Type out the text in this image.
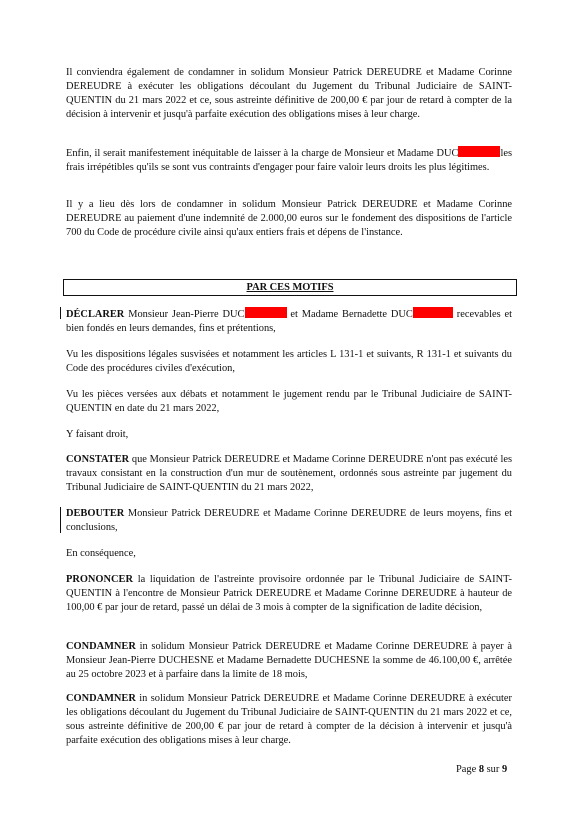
Il conviendra également de condamner in solidum Monsieur Patrick DEREUDRE et Madame Corinne DEREUDRE à exécuter les obligations découlant du Jugement du Tribunal Judiciaire de SAINT-QUENTIN du 21 mars 2022 et ce, sous astreinte définitive de 200,00 € par jour de retard à compter de la décision à intervenir et jusqu'à parfaite exécution des obligations mises à leur charge.

Enfin, il serait manifestement inéquitable de laisser à la charge de Monsieur et Madame DUC	les frais irrépétibles qu'ils se sont vus contraints d'engager pour faire valoir leurs droits les plus légitimes.

Il y a lieu dès lors de condamner in solidum Monsieur Patrick DEREUDRE et Madame Corinne DEREUDRE au paiement d'une indemnité de 2.000,00 euros sur le fondement des dispositions de l'article 700 du Code de procédure civile ainsi qu'aux entiers frais et dépens de l'instance.

PAR CES MOTIFS

DÉCLARER Monsieur Jean-Pierre DUC	et Madame Bernadette DUC	recevables et bien fondés en leurs demandes, fins et prétentions,

Vu les dispositions légales susvisées et notamment les articles L 131-1 et suivants, R 131-1 et suivants du Code des procédures civiles d'exécution,

Vu les pièces versées aux débats et notamment le jugement rendu par le Tribunal Judiciaire de SAINT-QUENTIN en date du 21 mars 2022,

Y faisant droit,

CONSTATER que Monsieur Patrick DEREUDRE et Madame Corinne DEREUDRE n'ont pas exécuté les travaux consistant en la construction d'un mur de soutènement, ordonnés sous astreinte par jugement du Tribunal Judiciaire de SAINT-QUENTIN du 21 mars 2022,

DEBOUTER Monsieur Patrick DEREUDRE et Madame Corinne DEREUDRE de leurs moyens, fins et conclusions,

En conséquence,

PRONONCER la liquidation de l'astreinte provisoire ordonnée par le Tribunal Judiciaire de SAINT-QUENTIN à l'encontre de Monsieur Patrick DEREUDRE et Madame Corinne DEREUDRE à hauteur de 100,00 € par jour de retard, passé un délai de 3 mois à compter de la signification de ladite décision,

CONDAMNER in solidum Monsieur Patrick DEREUDRE et Madame Corinne DEREUDRE à payer à Monsieur Jean-Pierre DUCHESNE et Madame Bernadette DUCHESNE la somme de 46.100,00 €, arrêtée au 25 octobre 2023 et à parfaire dans la limite de 18 mois,

CONDAMNER in solidum Monsieur Patrick DEREUDRE et Madame Corinne DEREUDRE à exécuter les obligations découlant du Jugement du Tribunal Judiciaire de SAINT-QUENTIN du 21 mars 2022 et ce, sous astreinte définitive de 200,00 € par jour de retard à compter de la décision à intervenir et jusqu'à parfaite exécution des obligations mises à leur charge.

Page 8 sur 9
